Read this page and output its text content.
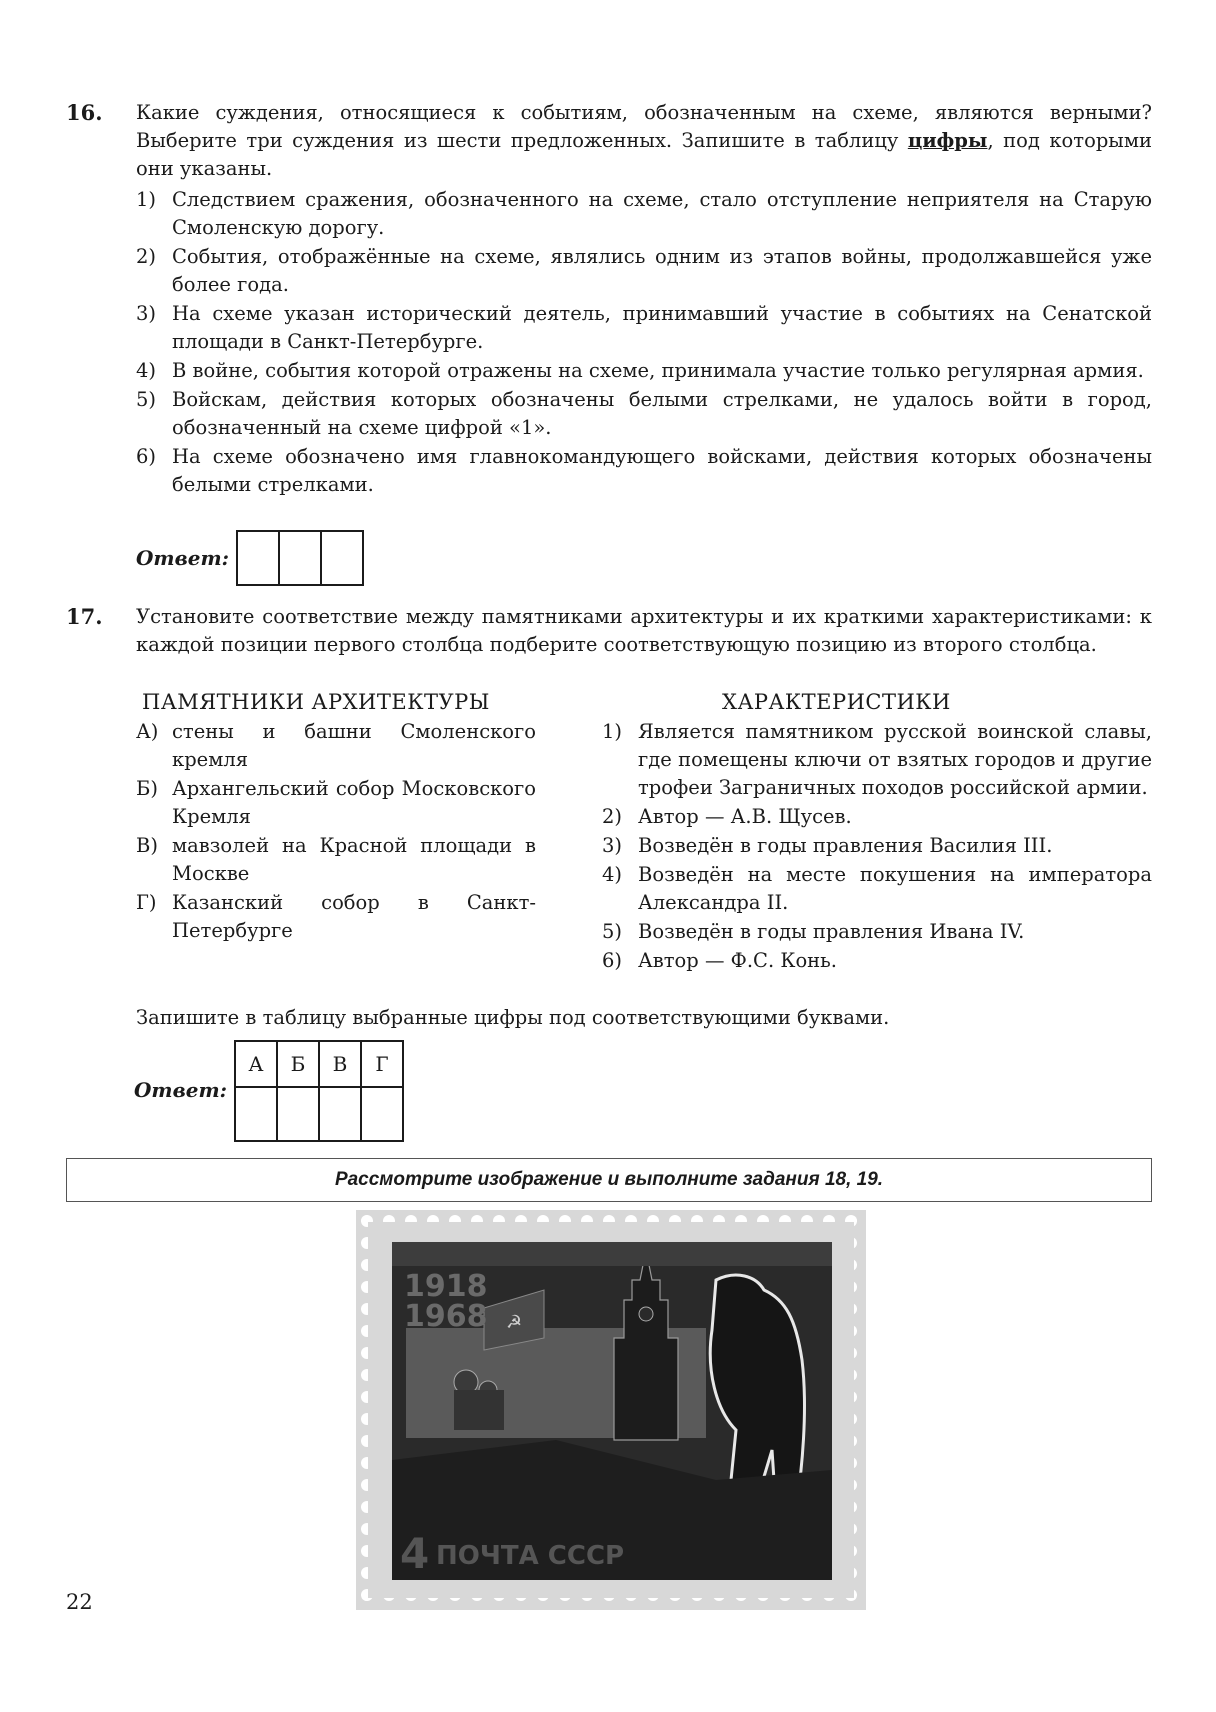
16. Какие суждения, относящиеся к событиям, обозначенным на схеме, являются верными? Выберите три суждения из шести предложенных. Запишите в таблицу цифры, под которыми они указаны.
1) Следствием сражения, обозначенного на схеме, стало отступление неприятеля на Старую Смоленскую дорогу.
2) События, отображённые на схеме, являлись одним из этапов войны, продолжавшейся уже более года.
3) На схеме указан исторический деятель, принимавший участие в событиях на Сенатской площади в Санкт-Петербурге.
4) В войне, события которой отражены на схеме, принимала участие только регулярная армия.
5) Войскам, действия которых обозначены белыми стрелками, не удалось войти в город, обозначенный на схеме цифрой «1».
6) На схеме обозначено имя главнокомандующего войсками, действия которых обозначены белыми стрелками.
Ответ:
17. Установите соответствие между памятниками архитектуры и их краткими характеристиками: к каждой позиции первого столбца подберите соответствующую позицию из второго столбца.
ПАМЯТНИКИ АРХИТЕКТУРЫ	ХАРАКТЕРИСТИКИ
А) стены и башни Смоленского кремля
Б) Архангельский собор Московского Кремля
В) мавзолей на Красной площади в Москве
Г) Казанский собор в Санкт-Петербурге
1) Является памятником русской воинской славы, где помещены ключи от взятых городов и другие трофеи Заграничных походов российской армии.
2) Автор — А.В. Щусев.
3) Возведён в годы правления Василия III.
4) Возведён на месте покушения на императора Александра II.
5) Возведён в годы правления Ивана IV.
6) Автор — Ф.С. Конь.
Запишите в таблицу выбранные цифры под соответствующими буквами.
Ответ:
А	Б	В	Г

Рассмотрите изображение и выполните задания 18, 19.
☭
1918
1968
4 ПОЧТА СССР
22
